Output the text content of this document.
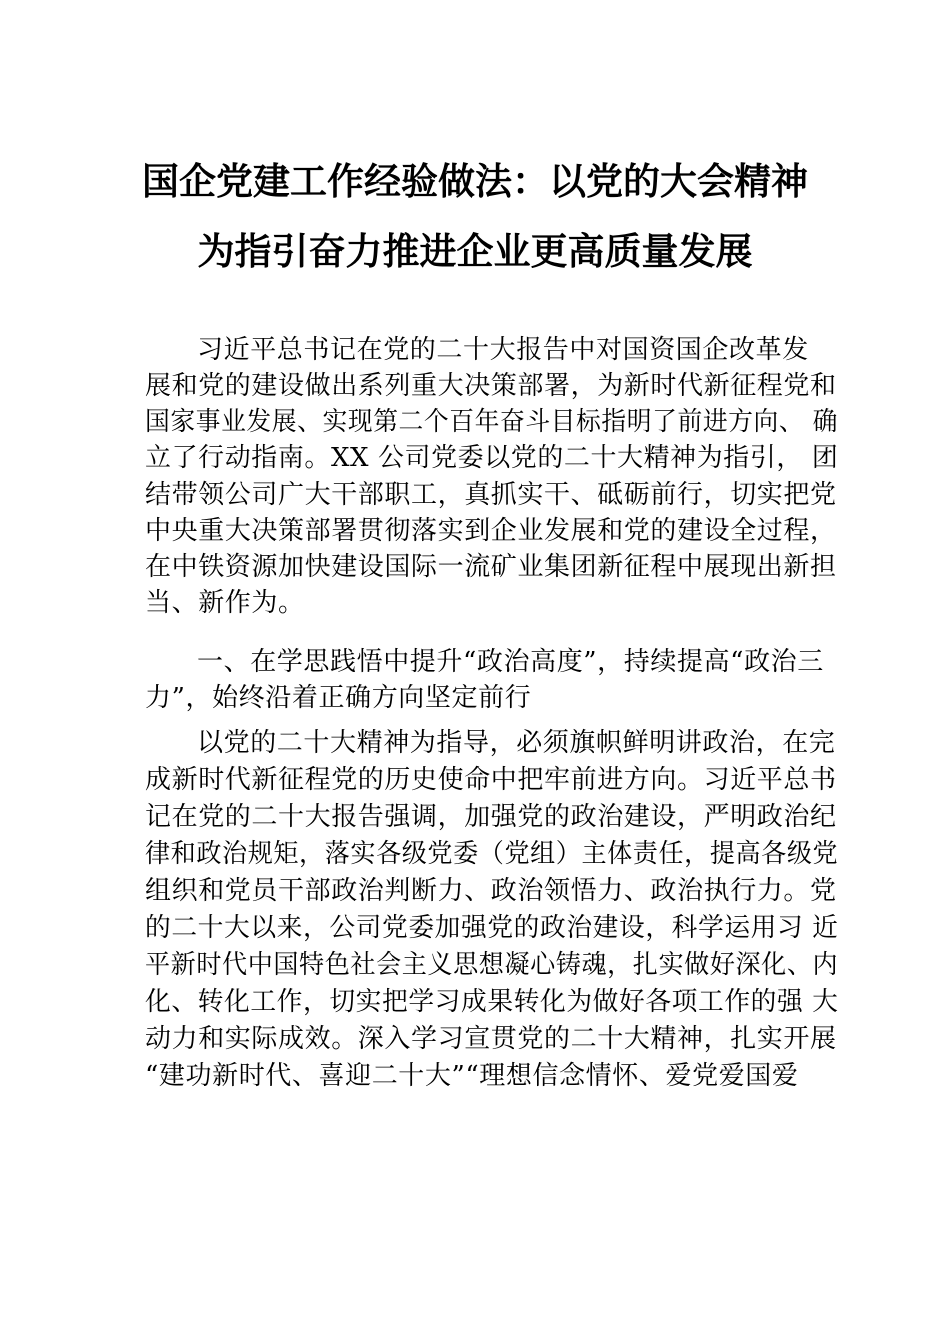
国企党建工作经验做法：以党的大会精神
为指引奋力推进企业更高质量发展
习近平总书记在党的二十大报告中对国资国企改革发
展和党的建设做出系列重大决策部署，为新时代新征程党和
国家事业发展、实现第二个百年奋斗目标指明了前进方向、 确
立了行动指南。XX 公司党委以党的二十大精神为指引， 团
结带领公司广大干部职工，真抓实干、砥砺前行，切实把党
中央重大决策部署贯彻落实到企业发展和党的建设全过程，
在中铁资源加快建设国际一流矿业集团新征程中展现出新担
当、新作为。
一、在学思践悟中提升“政治高度”，持续提高“政治三
力”，始终沿着正确方向坚定前行
以党的二十大精神为指导，必须旗帜鲜明讲政治，在完
成新时代新征程党的历史使命中把牢前进方向。习近平总书
记在党的二十大报告强调，加强党的政治建设，严明政治纪
律和政治规矩，落实各级党委（党组）主体责任，提高各级党
组织和党员干部政治判断力、政治领悟力、政治执行力。党
的二十大以来，公司党委加强党的政治建设，科学运用习 近
平新时代中国特色社会主义思想凝心铸魂，扎实做好深化、内
化、转化工作，切实把学习成果转化为做好各项工作的强 大
动力和实际成效。深入学习宣贯党的二十大精神，扎实开展
“建功新时代、喜迎二十大”“理想信念情怀、爱党爱国爱
